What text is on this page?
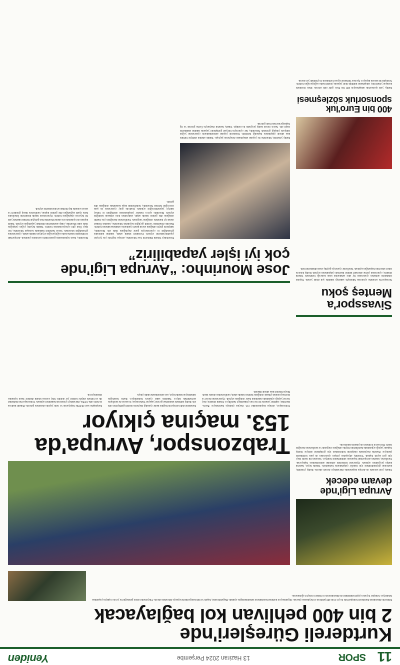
11
SPOR
13 Haziran 2024 Perşembe
Yeniden
Kurtdereli Güreşleri'nde
2 bin 400 pehlivan kol bağlayacak
Edirne'de düzenlenen Kurtdereli Güreşleri'nde bu yıl 2 bin 400 pehlivan er meydanına çıkacak. Organizasyon komitesi hazırlıkların tamamlandığını açıkladı. Başpehlivanlar, başaltı ve tüm kategorilerde kıyasıya mücadele edecek. Yüzyıllardır süren geleneğin bu yıl da coşkuyla yaşanması bekleniyor. Güreşler boyunca çeşitli etkinlikler de düzenlenecek ve binlerce izleyici ağırlanacak.
Avrupa Ligi'nde
devam edecek
Takım, yeni sezonda da Avrupa kupalarında mücadeleye devam edecek. Kulüp yönetimi, kadronun güçlendirilmesi için transfer çalışmalarını hızlandırdı. Teknik heyet, hazırlık kampı programını açıkladı. Oyuncular izinlerinin ardından antrenmanlara başlayacak. Taraftarlar, takımın Avrupa'daki başarısını sürdürmesini bekliyor. Sezonun ilk resmi maçı için geri sayım başladı. Yönetim, altyapıdan yetişen oyunculara da şans verilmesini planlıyor. Hazırlık maçlarında rakiplerin belirlenmesi için görüşmeler sürüyor. Kulüp başkanı yaptığı açıklamada hedeflerinin büyük olduğunu vurguladı ve taraftarların desteğini istedi. Yeni sezon formaları da yakında tanıtılacak.
Sivasspor'a
Menteş şoku
Sivasspor'da savunma oyuncusu Menteş'in sakatlığı takımda şok etkisi yarattı. Yapılan tetkiklerin ardından oyuncunun bir süre sahalardan uzak kalacağı belirlendi. Teknik direktör, oyuncunun yerine alternatif isimler üzerinde çalıştıklarını söyledi. Kulüp doktoru tedavi sürecinin başladığını açıkladı. Taraftarlar oyuncuya geçmiş olsun dileklerini iletti.
400 bin Euro'luk
sponsorluk sözleşmesi
Kulüp, yeni sponsorluk anlaşmasıyla 400 bin Euro gelir elde edecek. İmza töreninde konuşan yöneticiler, anlaşmanın kulübün mali yapısına önemli katkı sağlayacağını belirtti. Sözleşme iki sezonu kapsıyor. Sponsor firmanın logosu formaların ön yüzünde yer alacak.
Trabzonspor, Avrupa'da
153. maçına çıkıyor
Trabzonspor, Avrupa kupalarındaki 153. maçına çıkmaya hazırlanıyor. Bordo-mavililer, rakibini yenerek bir üst tura yükselmeyi hedefliyor. Teknik direktör, maç öncesi yaptığı açıklamada takımının hazır olduğunu söyledi. Oyuncuların moral ve motivasyonunun yüksek olduğunu belirten teknik adam, taraftarlardan destek istedi. Maçın biletleri kısa sürede tükendi.
Karadeniz ekibi Avrupa'da bugüne kadar oynadığı maçlarda önemli galibiyetler elde etti. Kulüp tarihinde unutulmaz geceler yaşayan Trabzonspor, bu sezon da taraftarını sevindirmek istiyor. Takımda sakat oyuncu bulunmuyor. Kadro hazırlığını tamamlayan teknik heyet, son antrenmanda taktik çalıştı.
Karşılaşma saat 20.00'de başlayacak ve canlı yayınla ekranlara gelecek. Hakem kadrosu da belli oldu. UEFA, mücadeleyi yönetecek hakemleri açıkladı. Trabzonspor'un muhtemel ilk on birinde sürpriz isimler yer alabilir. Maç sonrası teknik direktör basın toplantısı düzenleyecek.
Jose Mourinho: “Avrupa Ligi'nde
çok iyi işler yapabiliriz”
Fenerbahçe Teknik Direktörü Jose Mourinho, Avrupa Ligi'nde çok iyi işler yapabileceklerini söyledi. Portekizli teknik adam, takımın kalitesine güvendiğini ve oyuncularıyla gurur duyduğunu ifade etti. Mourinho, rakiplerin güçlü olduğunu ancak kendi oyunlarına odaklanacaklarını belirtti. Hazırlık döneminin verimli geçtiğini kaydeden Mourinho, takımın fiziksel olarak iyi durumda olduğunu vurguladı. Taraftarların desteğinin çok önemli olduğunu dile getiren teknik adam, stadyumun dolu olmasını istediğini söyledi. Mourinho ayrıca transfer çalışmalarının sürdüğünü ve birkaç takviye yapılabileceğini açıkladı. Kadroda genç oyunculara da şans vereceğini belirten Mourinho, hedeflerinin kupa kazanmak olduğunu dile getirdi.
Mourinho, basın toplantısında gazetecilerin sorularını yanıtladı. Avrupa'daki tecrübesinin takıma katkı sağlayacağını söyleyen teknik adam, oyuncularına güvendiğini tekrarladı. Sezon hedefleri hakkında konuşan Mourinho, her maçı final gibi oynayacaklarını belirtti. Teknik heyetin yoğun çalıştığını ifade eden Mourinho, rakip analizlerinin titizlikle yapıldığını söyledi. Takım kaptanı da toplantıda söz alarak Mourinho'nun gelişiyle birlikte takımda yeni bir heyecan oluştuğunu belirtti. Oyuncuların teknik direktörün felsefesine hızla uyum sağladığını dile getiren kaptan, taraftarlara mesaj gönderdi ve sezon sonunda hep birlikte sevineceklerini söyledi.
Kulüp yönetimi, Mourinho ile yapılan anlaşmanın detaylarını paylaştı. Teknik adamın ekibiyle birlikte kısa sürede çalışmalara başladığı belirtildi. Tesislerde yapılan antrenmanlarda oyuncuların yoğun tempoda çalıştığı gözlendi. Mourinho, her oyuncuyla bireysel görüşmeler yaparak takımın eksiklerini tespit etti. Sezon öncesi kamp programı da netleşti. Takım, hazırlık maçlarıyla forma girecek ve lig başlangıcına hazır hale gelecek.
